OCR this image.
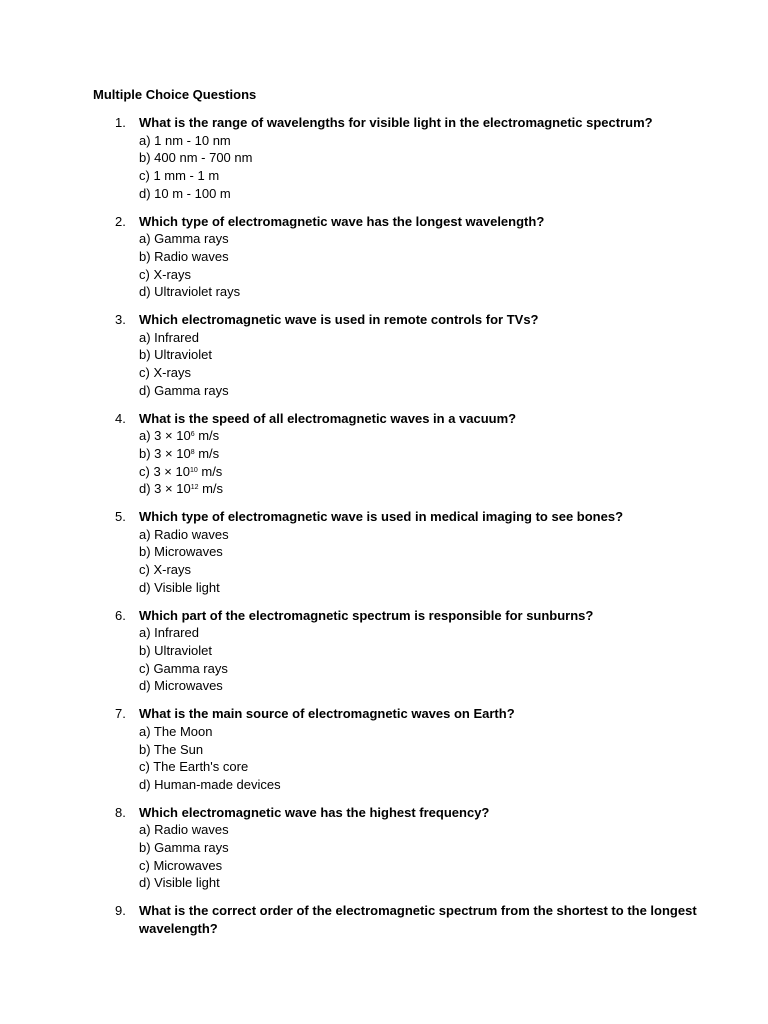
Multiple Choice Questions
1. What is the range of wavelengths for visible light in the electromagnetic spectrum?
a) 1 nm - 10 nm
b) 400 nm - 700 nm
c) 1 mm - 1 m
d) 10 m - 100 m
2. Which type of electromagnetic wave has the longest wavelength?
a) Gamma rays
b) Radio waves
c) X-rays
d) Ultraviolet rays
3. Which electromagnetic wave is used in remote controls for TVs?
a) Infrared
b) Ultraviolet
c) X-rays
d) Gamma rays
4. What is the speed of all electromagnetic waves in a vacuum?
a) $3 \times 10^6$ m/s
b) $3 \times 10^8$ m/s
c) $3 \times 10^{10}$ m/s
d) $3 \times 10^{12}$ m/s
5. Which type of electromagnetic wave is used in medical imaging to see bones?
a) Radio waves
b) Microwaves
c) X-rays
d) Visible light
6. Which part of the electromagnetic spectrum is responsible for sunburns?
a) Infrared
b) Ultraviolet
c) Gamma rays
d) Microwaves
7. What is the main source of electromagnetic waves on Earth?
a) The Moon
b) The Sun
c) The Earth's core
d) Human-made devices
8. Which electromagnetic wave has the highest frequency?
a) Radio waves
b) Gamma rays
c) Microwaves
d) Visible light
9. What is the correct order of the electromagnetic spectrum from the shortest to the longest wavelength?
